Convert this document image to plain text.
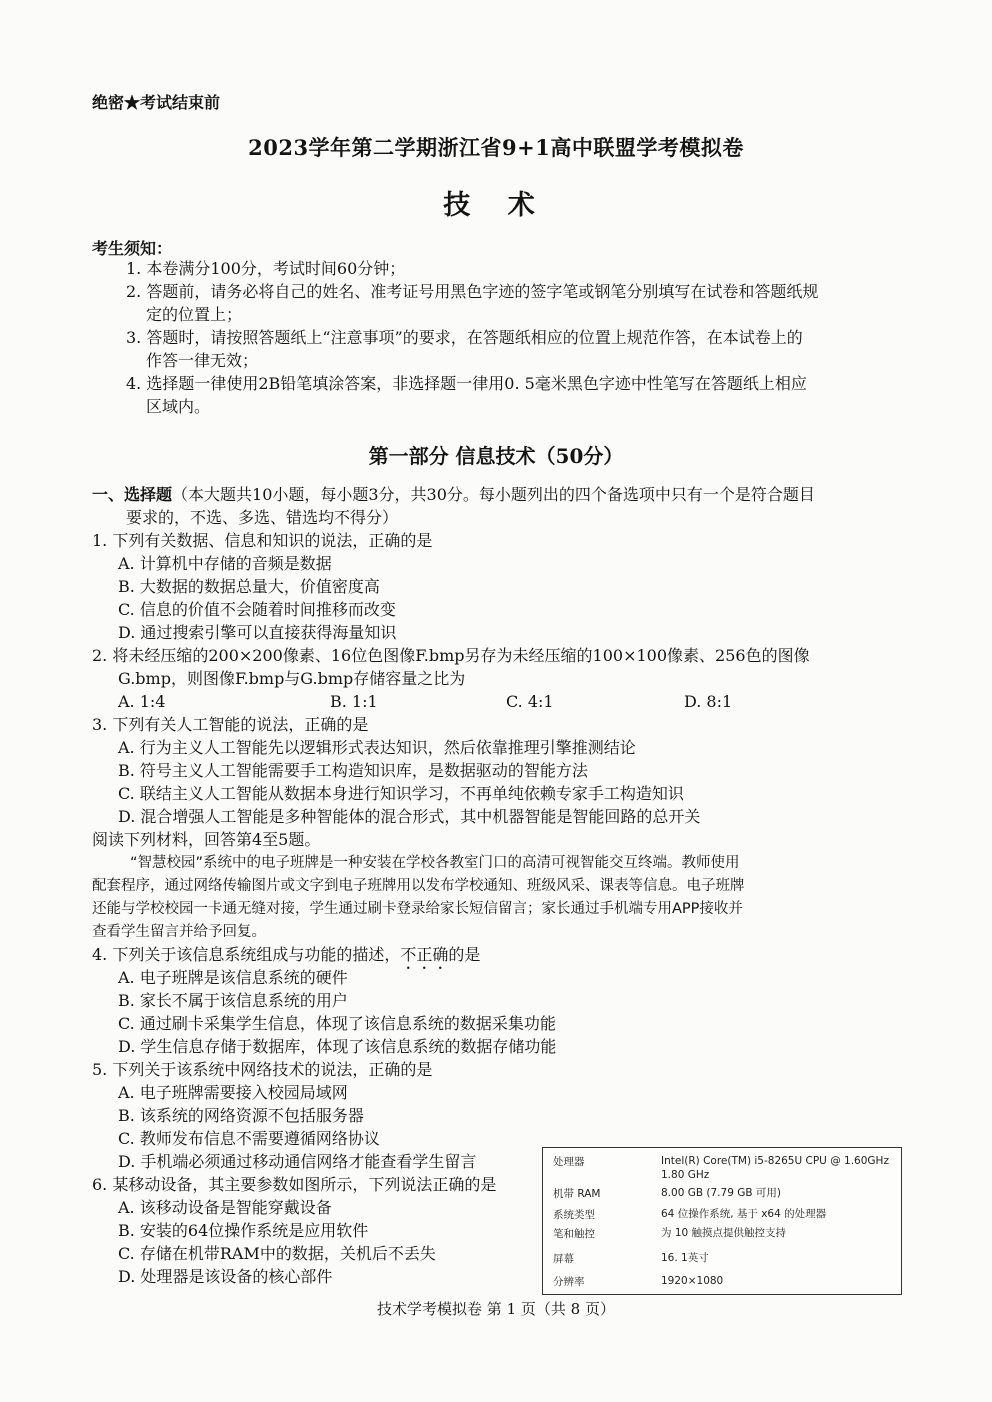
绝密★考试结束前
2023学年第二学期浙江省9+1高中联盟学考模拟卷
技 术
考生须知：
1. 本卷满分100分，考试时间60分钟；
2. 答题前，请务必将自己的姓名、准考证号用黑色字迹的签字笔或钢笔分别填写在试卷和答题纸规
定的位置上；
3. 答题时，请按照答题纸上“注意事项”的要求，在答题纸相应的位置上规范作答，在本试卷上的
作答一律无效；
4. 选择题一律使用2B铅笔填涂答案，非选择题一律用0. 5毫米黑色字迹中性笔写在答题纸上相应
区域内。
第一部分 信息技术（50分）
一、选择题（本大题共10小题，每小题3分，共30分。每小题列出的四个备选项中只有一个是符合题目
要求的，不选、多选、错选均不得分）
1. 下列有关数据、信息和知识的说法，正确的是
A. 计算机中存储的音频是数据
B. 大数据的数据总量大，价值密度高
C. 信息的价值不会随着时间推移而改变
D. 通过搜索引擎可以直接获得海量知识
2. 将未经压缩的200×200像素、16位色图像F.bmp另存为未经压缩的100×100像素、256色的图像
G.bmp，则图像F.bmp与G.bmp存储容量之比为
A. 1:4	B. 1:1	C. 4:1	D. 8:1
3. 下列有关人工智能的说法，正确的是
A. 行为主义人工智能先以逻辑形式表达知识，然后依靠推理引擎推测结论
B. 符号主义人工智能需要手工构造知识库，是数据驱动的智能方法
C. 联结主义人工智能从数据本身进行知识学习，不再单纯依赖专家手工构造知识
D. 混合增强人工智能是多种智能体的混合形式，其中机器智能是智能回路的总开关
阅读下列材料，回答第4至5题。
“智慧校园”系统中的电子班牌是一种安装在学校各教室门口的高清可视智能交互终端。教师使用
配套程序，通过网络传输图片或文字到电子班牌用以发布学校通知、班级风采、课表等信息。电子班牌
还能与学校校园一卡通无缝对接，学生通过刷卡登录给家长短信留言；家长通过手机端专用APP接收并
查看学生留言并给予回复。
4. 下列关于该信息系统组成与功能的描述，不正确的是
A. 电子班牌是该信息系统的硬件
B. 家长不属于该信息系统的用户
C. 通过刷卡采集学生信息，体现了该信息系统的数据采集功能
D. 学生信息存储于数据库，体现了该信息系统的数据存储功能
5. 下列关于该系统中网络技术的说法，正确的是
A. 电子班牌需要接入校园局域网
B. 该系统的网络资源不包括服务器
C. 教师发布信息不需要遵循网络协议
D. 手机端必须通过移动通信网络才能查看学生留言
6. 某移动设备，其主要参数如图所示，下列说法正确的是
A. 该移动设备是智能穿戴设备
B. 安装的64位操作系统是应用软件
C. 存储在机带RAM中的数据，关机后不丢失
D. 处理器是该设备的核心部件
处理器	Intel(R) Core(TM) i5-8265U CPU @ 1.60GHz 1.80 GHz
机带 RAM	8.00 GB (7.79 GB 可用)
系统类型	64 位操作系统, 基于 x64 的处理器
笔和触控	为 10 触摸点提供触控支持
屏幕	16. 1英寸
分辨率	1920×1080
技术学考模拟卷 第 1 页（共 8 页）
